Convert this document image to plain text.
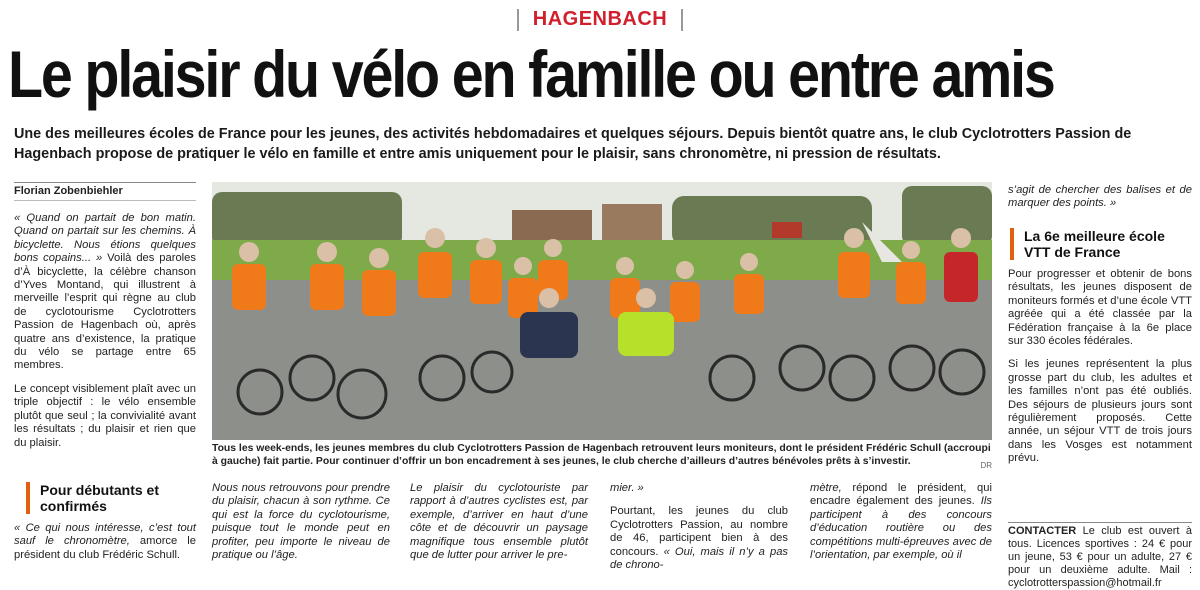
HAGENBACH
Le plaisir du vélo en famille ou entre amis
Une des meilleures écoles de France pour les jeunes, des activités hebdomadaires et quelques séjours. Depuis bientôt quatre ans, le club Cyclotrotters Passion de Hagenbach propose de pratiquer le vélo en famille et entre amis uniquement pour le plaisir, sans chronomètre, ni pression de résultats.
Florian Zobenbiehler

« Quand on partait de bon matin. Quand on partait sur les chemins. À bicyclette. Nous étions quelques bons copains... » Voilà des paroles d’À bicyclette, la célèbre chanson d’Yves Montand, qui illustrent à merveille l’esprit qui règne au club de cyclotourisme Cyclotrotters Passion de Hagenbach où, après quatre ans d’existence, la pratique du vélo se partage entre 65 membres.

Le concept visiblement plaît avec un triple objectif : le vélo ensemble plutôt que seul ; la convivialité avant les résultats ; du plaisir et rien que du plaisir.

Pour débutants et confirmés

« Ce qui nous intéresse, c’est tout sauf le chronomètre, amorce le président du club Frédéric Schull.

Tous les week-ends, les jeunes membres du club Cyclotrotters Passion de Hagenbach retrouvent leurs moniteurs, dont le président Frédéric Schull (accroupi à gauche) fait partie. Pour continuer d’offrir un bon encadrement à ses jeunes, le club cherche d’ailleurs d’autres bénévoles prêts à s’investir.	DR
Nous nous retrouvons pour prendre du plaisir, chacun à son rythme. Ce qui est la force du cyclotourisme, puisque tout le monde peut en profiter, peu importe le niveau de pratique ou l’âge.
Le plaisir du cyclotouriste par rapport à d’autres cyclistes est, par exemple, d’arriver en haut d’une côte et de découvrir un paysage magnifique tous ensemble plutôt que de lutter pour arriver le pre-

mier. »

Pourtant, les jeunes du club Cyclotrotters Passion, au nombre de 46, participent bien à des concours. « Oui, mais il n’y a pas de chrono-

mètre, répond le président, qui encadre également des jeunes. Ils participent à des concours d’éducation routière ou des compétitions multi-épreuves avec de l’orientation, par exemple, où il

s’agit de chercher des balises et de marquer des points. »
La 6e meilleure école VTT de France

Pour progresser et obtenir de bons résultats, les jeunes disposent de moniteurs formés et d’une école VTT agréée qui a été classée par la Fédération française à la 6e place sur 330 écoles fédérales.

Si les jeunes représentent la plus grosse part du club, les adultes et les familles n’ont pas été oubliés. Des séjours de plusieurs jours sont régulièrement proposés. Cette année, un séjour VTT de trois jours dans les Vosges est notamment prévu.

CONTACTER Le club est ouvert à tous. Licences sportives : 24 € pour un jeune, 53 € pour un adulte, 27 € pour un deuxième adulte. Mail : cyclotrotterspassion@hotmail.fr
